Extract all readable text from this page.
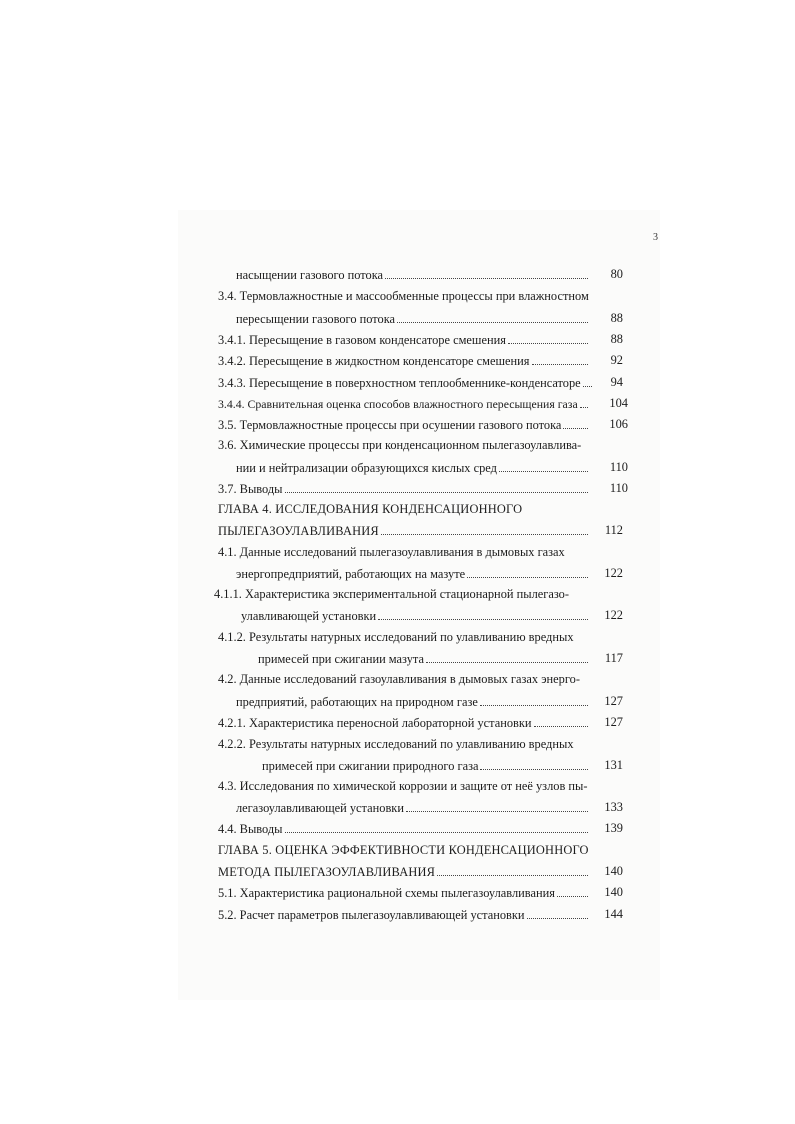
3
насыщении газового потока	80
3.4. Термовлажностные и массообменные процессы при влажностном
пересыщении газового потока	88
3.4.1. Пересыщение в газовом конденсаторе смешения	88
3.4.2. Пересыщение в жидкостном конденсаторе смешения	92
3.4.3. Пересыщение в поверхностном теплообменнике-конденсаторе	94
3.4.4. Сравнительная оценка способов влажностного пересыщения газа	104
3.5. Термовлажностные процессы при осушении газового потока	106
3.6. Химические процессы при конденсационном пылегазоулавлива-
нии и нейтрализации образующихся кислых сред	110
3.7. Выводы	110
ГЛАВА 4. ИССЛЕДОВАНИЯ КОНДЕНСАЦИОННОГО
ПЫЛЕГАЗОУЛАВЛИВАНИЯ	112
4.1. Данные исследований пылегазоулавливания в дымовых газах
энергопредприятий, работающих на мазуте	122
4.1.1. Характеристика экспериментальной стационарной пылегазо-
улавливающей установки	122
4.1.2. Результаты натурных исследований по улавливанию вредных
примесей при сжигании мазута	117
4.2. Данные исследований газоулавливания в дымовых газах энерго-
предприятий, работающих на природном газе	127
4.2.1. Характеристика переносной лабораторной установки	127
4.2.2. Результаты натурных исследований по улавливанию вредных
примесей при сжигании природного газа	131
4.3. Исследования по химической коррозии и защите от неё узлов пы-
легазоулавливающей установки	133
4.4. Выводы	139
ГЛАВА 5. ОЦЕНКА ЭФФЕКТИВНОСТИ КОНДЕНСАЦИОННОГО
МЕТОДА ПЫЛЕГАЗОУЛАВЛИВАНИЯ	140
5.1. Характеристика рациональной схемы пылегазоулавливания	140
5.2. Расчет параметров пылегазоулавливающей установки	144
